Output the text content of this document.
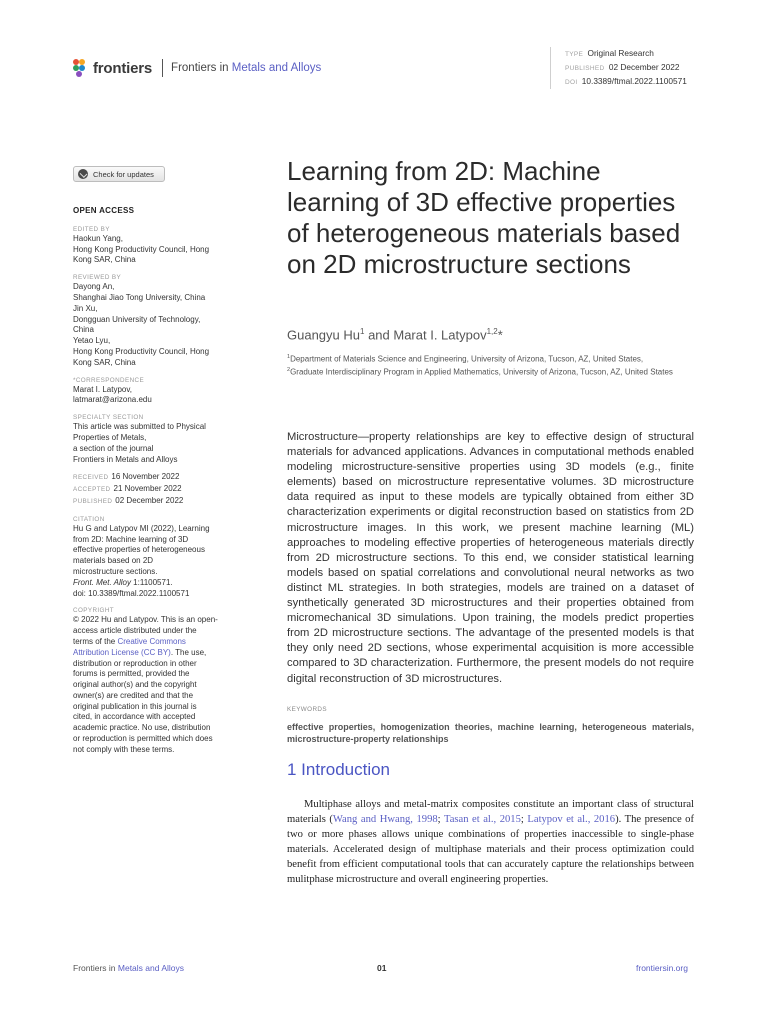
frontiers Frontiers in Metals and Alloys
TYPE Original Research
PUBLISHED 02 December 2022
DOI 10.3389/ftmal.2022.1100571
Check for updates
OPEN ACCESS
EDITED BY
Haokun Yang,
Hong Kong Productivity Council, Hong
Kong SAR, China
REVIEWED BY
Dayong An,
Shanghai Jiao Tong University, China
Jin Xu,
Dongguan University of Technology,
China
Yetao Lyu,
Hong Kong Productivity Council, Hong
Kong SAR, China
*CORRESPONDENCE
Marat I. Latypov,
latmarat@arizona.edu
SPECIALTY SECTION
This article was submitted to Physical
Properties of Metals,
a section of the journal
Frontiers in Metals and Alloys
RECEIVED 16 November 2022
ACCEPTED 21 November 2022
PUBLISHED 02 December 2022
CITATION
Hu G and Latypov MI (2022), Learning
from 2D: Machine learning of 3D
effective properties of heterogeneous
materials based on 2D
microstructure sections.
Front. Met. Alloy 1:1100571.
doi: 10.3389/ftmal.2022.1100571
COPYRIGHT
© 2022 Hu and Latypov. This is an open-
access article distributed under the
terms of the Creative Commons
Attribution License (CC BY). The use,
distribution or reproduction in other
forums is permitted, provided the
original author(s) and the copyright
owner(s) are credited and that the
original publication in this journal is
cited, in accordance with accepted
academic practice. No use, distribution
or reproduction is permitted which does
not comply with these terms.
Learning from 2D: Machine learning of 3D effective properties of heterogeneous materials based on 2D microstructure sections
Guangyu Hu$^1$ and Marat I. Latypov$^{1,2}$*
$^1$Department of Materials Science and Engineering, University of Arizona, Tucson, AZ, United States,
$^2$Graduate Interdisciplinary Program in Applied Mathematics, University of Arizona, Tucson, AZ, United States

Microstructure—property relationships are key to effective design of structural materials for advanced applications. Advances in computational methods enabled modeling microstructure-sensitive properties using 3D models (e.g., finite elements) based on microstructure representative volumes. 3D microstructure data required as input to these models are typically obtained from either 3D characterization experiments or digital reconstruction based on statistics from 2D microstructure images. In this work, we present machine learning (ML) approaches to modeling effective properties of heterogeneous materials directly from 2D microstructure sections. To this end, we consider statistical learning models based on spatial correlations and convolutional neural networks as two distinct ML strategies. In both strategies, models are trained on a dataset of synthetically generated 3D microstructures and their properties obtained from micromechanical 3D simulations. Upon training, the models predict properties from 2D microstructure sections. The advantage of the presented models is that they only need 2D sections, whose experimental acquisition is more accessible compared to 3D characterization. Furthermore, the present models do not require digital reconstruction of 3D microstructures.

KEYWORDS

effective properties, homogenization theories, machine learning, heterogeneous materials, microstructure-property relationships

1 Introduction

Multiphase alloys and metal-matrix composites constitute an important class of structural materials (Wang and Hwang, 1998; Tasan et al., 2015; Latypov et al., 2016). The presence of two or more phases allows unique combinations of properties inaccessible to single-phase materials. Accelerated design of multiphase materials and their process optimization could benefit from efficient computational tools that can accurately capture the relationships between mulitphase microstructure and overall engineering properties.

Frontiers in Metals and Alloys	01	frontiersin.org
